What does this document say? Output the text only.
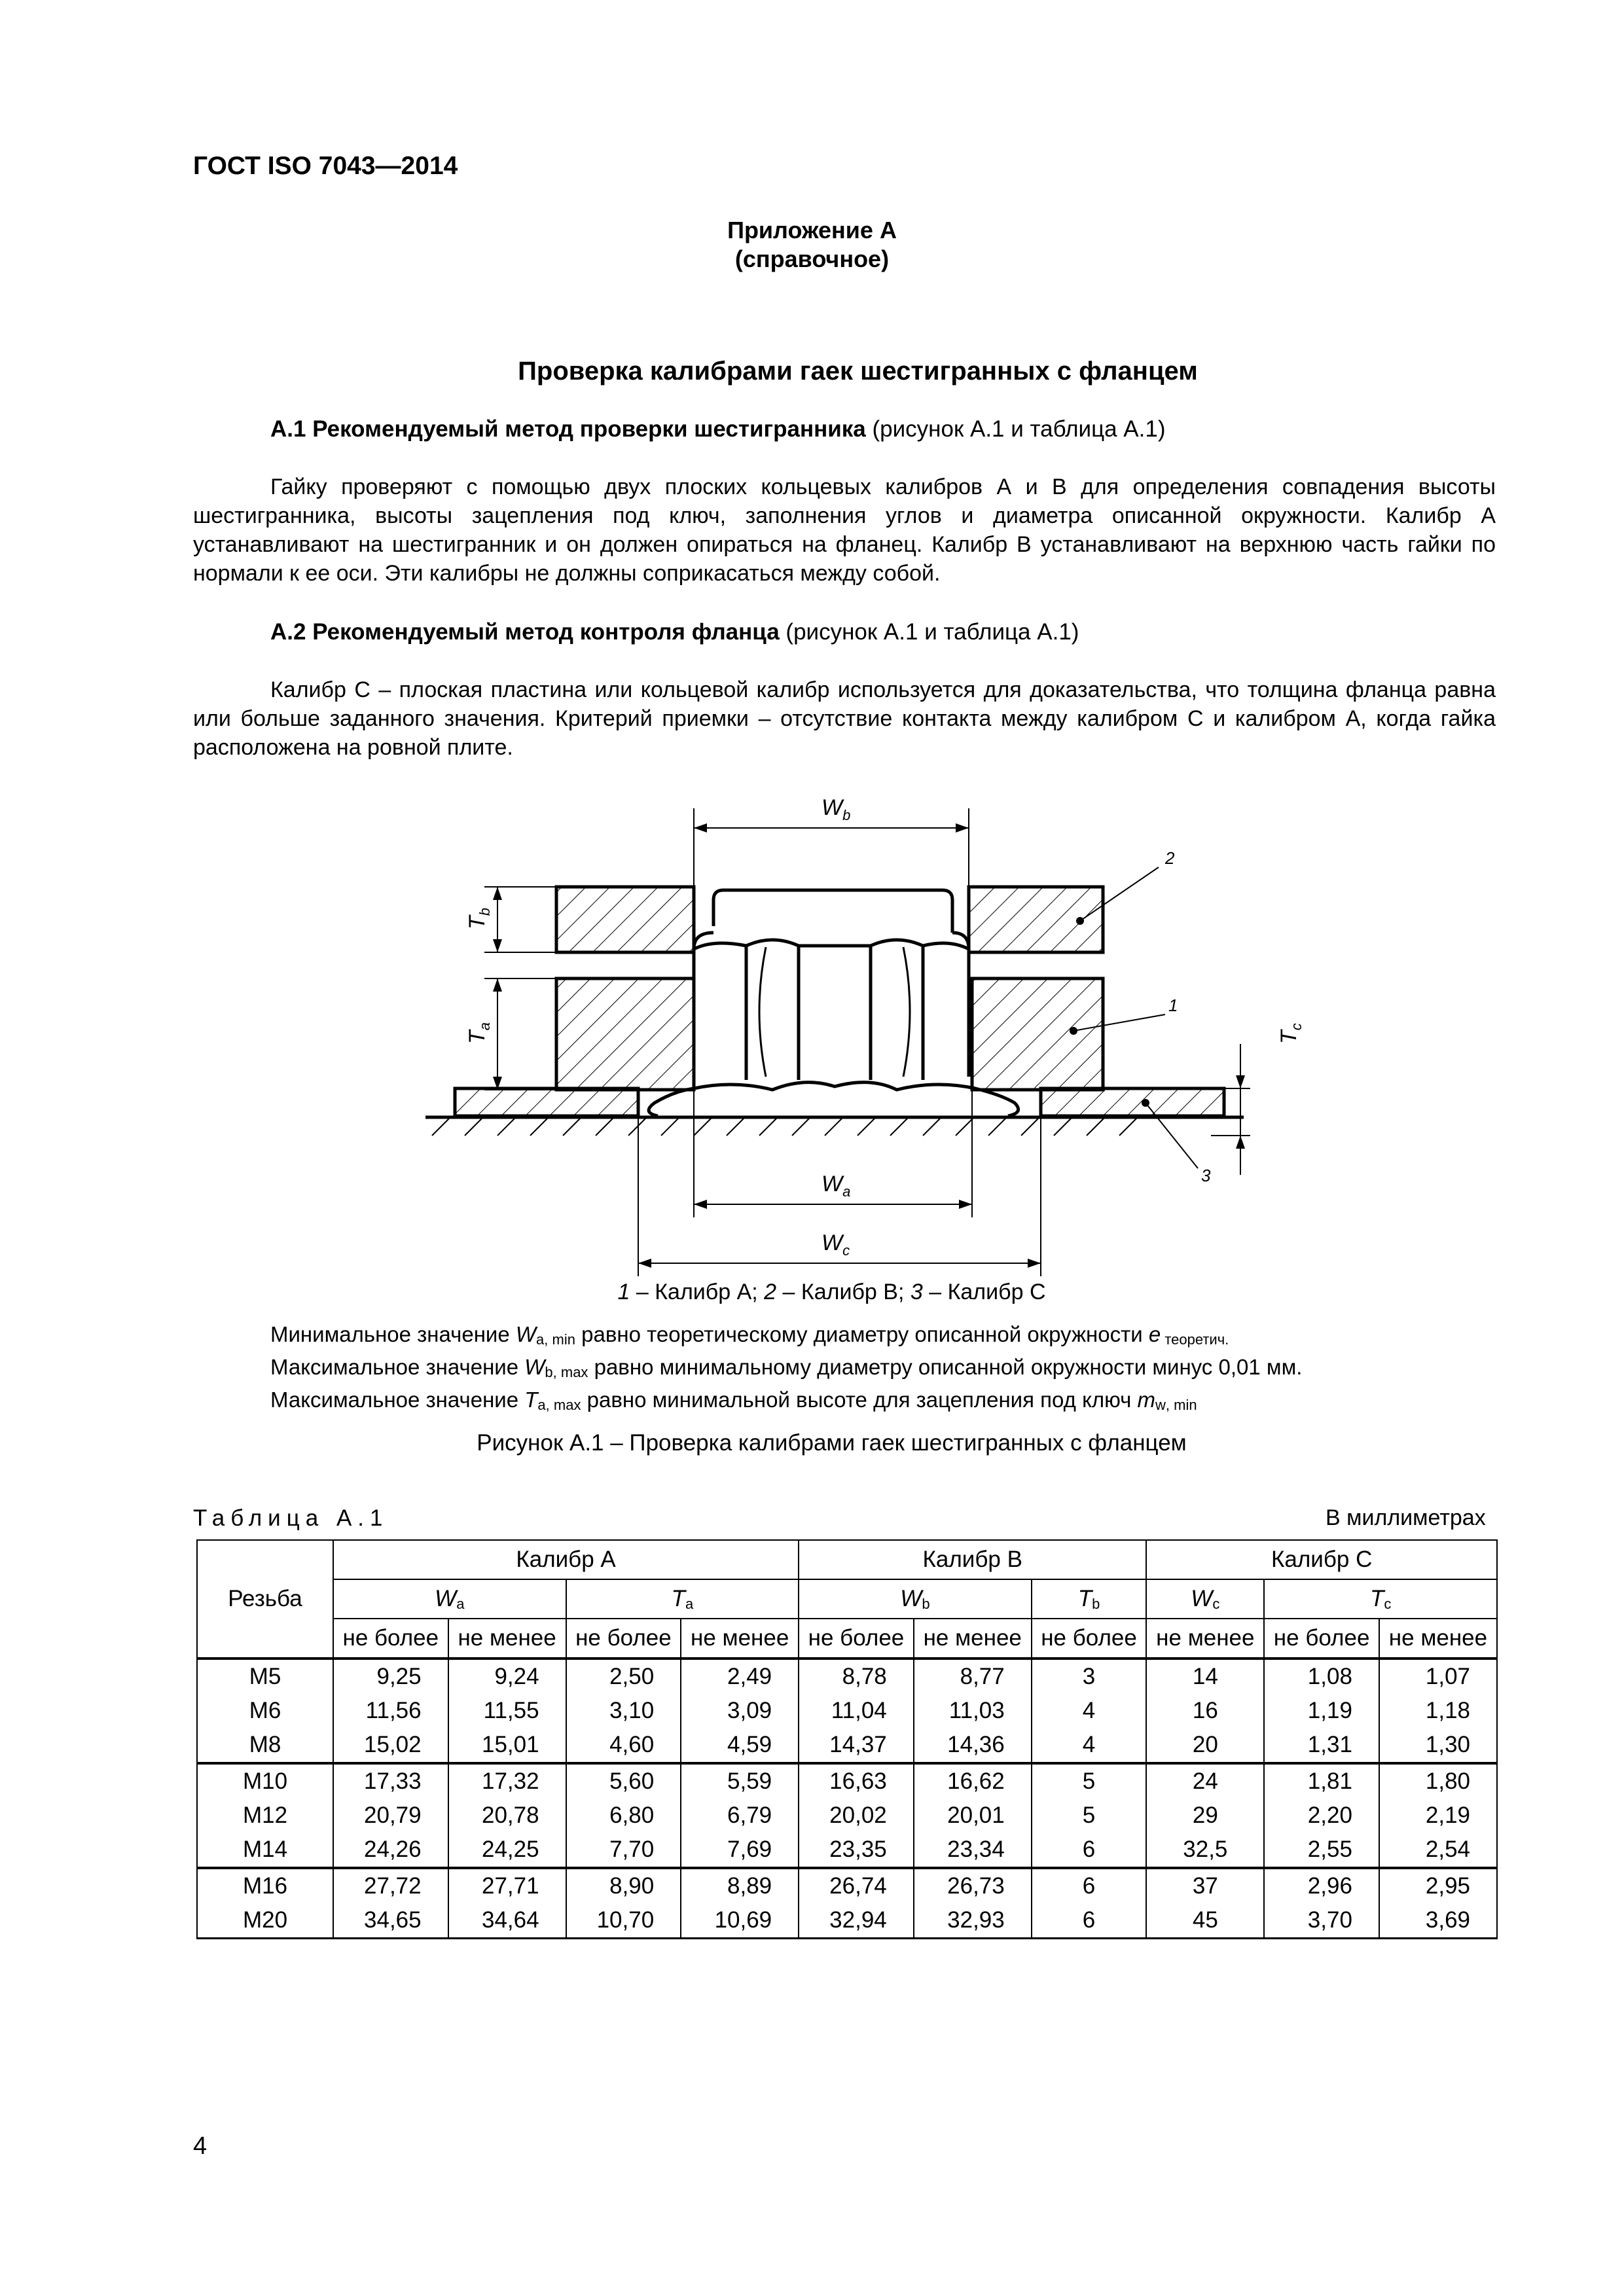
ГОСТ ISO 7043—2014
Приложение А
(справочное)
Проверка калибрами гаек шестигранных с фланцем
А.1 Рекомендуемый метод проверки шестигранника (рисунок А.1 и таблица А.1)

Гайку проверяют с помощью двух плоских кольцевых калибров А и В для определения совпадения высоты шестигранника, высоты зацепления под ключ, заполнения углов и диаметра описанной окружности. Калибр А устанавливают на шестигранник и он должен опираться на фланец. Калибр В устанавливают на верхнюю часть гайки по нормали к ее оси. Эти калибры не должны соприкасаться между собой.

А.2 Рекомендуемый метод контроля фланца (рисунок А.1 и таблица А.1)

Калибр С – плоская пластина или кольцевой калибр используется для доказательства, что толщина фланца равна или больше заданного значения. Критерий приемки – отсутствие контакта между калибром С и калибром А, когда гайка расположена на ровной плите.

$W_b$
$W_a$
$W_c$
$T_b$
$T_a$
$T_c$
2
1
3
1 – Калибр А; 2 – Калибр В; 3 – Калибр С
Минимальное значение Wa, min равно теоретическому диаметру описанной окружности e теоретич.
Максимальное значение Wb, max равно минимальному диаметру описанной окружности минус 0,01 мм.
Максимальное значение Ta, max равно минимальной высоте для зацепления под ключ mw, min
Рисунок А.1 – Проверка калибрами гаек шестигранных с фланцем
Таблица А.1	В миллиметрах
Резьба	Калибр А				Калибр В			Калибр С		
	Wa		Ta		Wb		Tb	Wc	Tc	
	не более	не менее	не более	не менее	не более	не менее	не более	не менее	не более	не менее
M5	9,25	9,24	2,50	2,49	8,78	8,77	3	14	1,08	1,07
M6	11,56	11,55	3,10	3,09	11,04	11,03	4	16	1,19	1,18
M8	15,02	15,01	4,60	4,59	14,37	14,36	4	20	1,31	1,30
M10	17,33	17,32	5,60	5,59	16,63	16,62	5	24	1,81	1,80
M12	20,79	20,78	6,80	6,79	20,02	20,01	5	29	2,20	2,19
M14	24,26	24,25	7,70	7,69	23,35	23,34	6	32,5	2,55	2,54
M16	27,72	27,71	8,90	8,89	26,74	26,73	6	37	2,96	2,95
M20	34,65	34,64	10,70	10,69	32,94	32,93	6	45	3,70	3,69
4
